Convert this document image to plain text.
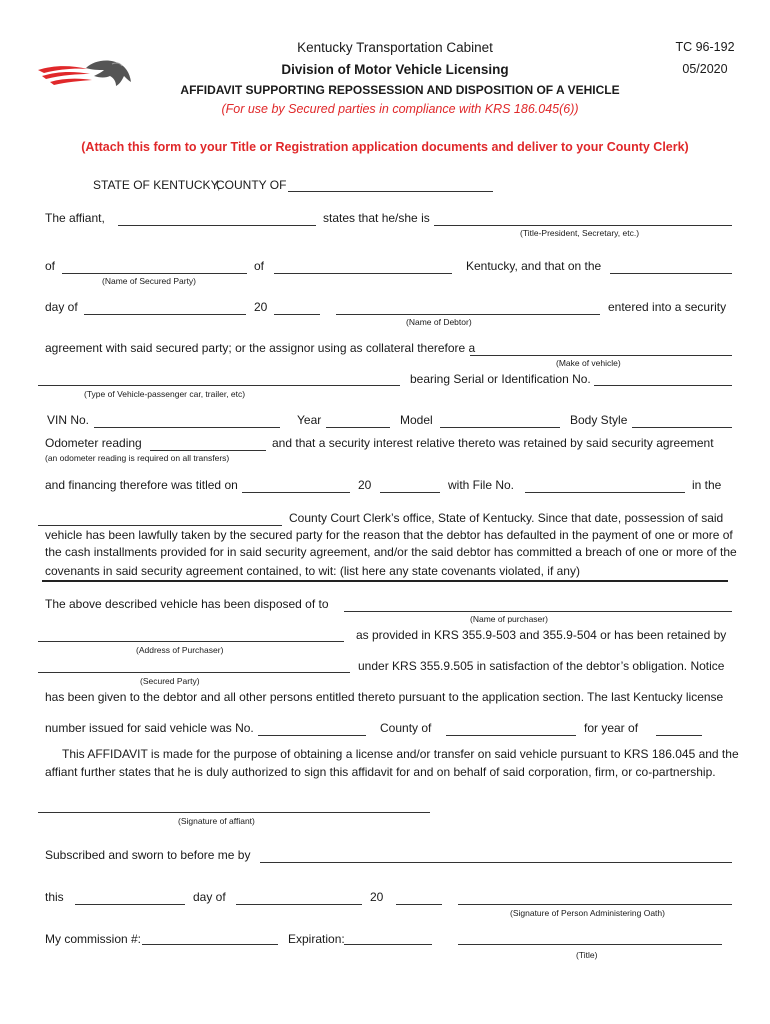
Kentucky Transportation Cabinet
Division of Motor Vehicle Licensing
TC 96-192
05/2020
AFFIDAVIT SUPPORTING REPOSSESSION AND DISPOSITION OF A VEHICLE
(For use by Secured parties in compliance with KRS 186.045(6))
(Attach this form to your Title or Registration application documents and deliver to your County Clerk)
STATE OF KENTUCKY,
COUNTY OF
The affiant,	states that he/she is
(Title-President, Secretary, etc.)
of	of	Kentucky, and that on the
(Name of Secured Party)
day of	20	entered into a security
(Name of Debtor)
agreement with said secured party; or the assignor using as collateral therefore a
(Make of vehicle)
bearing Serial or Identification No.
(Type of Vehicle-passenger car, trailer, etc)
VIN No.	Year	Model	Body Style
Odometer reading	and that a security interest relative thereto was retained by said security agreement
(an odometer reading is required on all transfers)
and financing therefore was titled on	20	with File No.	in the
County Court Clerk’s office, State of Kentucky. Since that date, possession of said
vehicle has been lawfully taken by the secured party for the reason that the debtor has defaulted in the payment of one or more of
the cash installments provided for in said security agreement, and/or the said debtor has committed a breach of one or more of the
covenants in said security agreement contained, to wit: (list here any state covenants violated, if any)
The above described vehicle has been disposed of to
(Name of purchaser)
as provided in KRS 355.9-503 and 355.9-504 or has been retained by
(Address of Purchaser)
under KRS 355.9.505 in satisfaction of the debtor’s obligation. Notice
(Secured Party)
has been given to the debtor and all other persons entitled thereto pursuant to the application section. The last Kentucky license
number issued for said vehicle was No.	County of	for year of
This AFFIDAVIT is made for the purpose of obtaining a license and/or transfer on said vehicle pursuant to KRS 186.045 and the
affiant further states that he is duly authorized to sign this affidavit for and on behalf of said corporation, firm, or co-partnership.
(Signature of affiant)
Subscribed and sworn to before me by
this	day of	20
(Signature of Person Administering Oath)
My commission #:	Expiration:
(Title)
